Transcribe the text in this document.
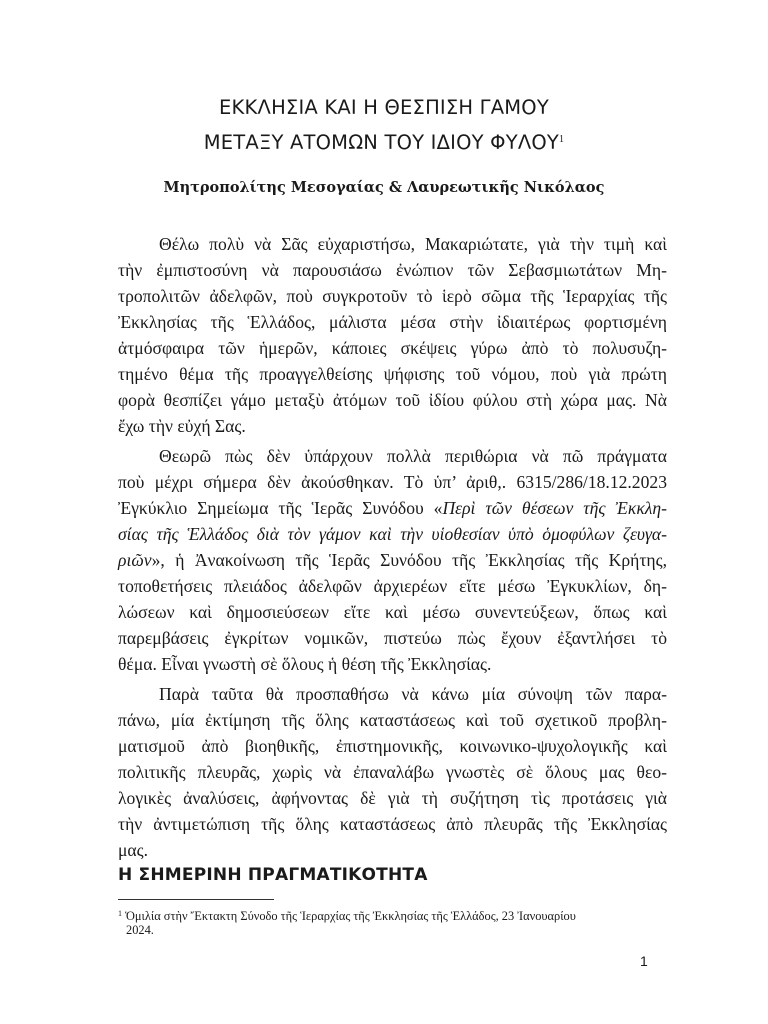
ΕΚΚΛΗΣΙΑ ΚΑΙ Η ΘΕΣΠΙΣΗ ΓΑΜΟΥ
ΜΕΤΑΞΥ ΑΤΟΜΩΝ ΤΟΥ ΙΔΙΟΥ ΦΥΛΟΥ$^1$
Μητροπολίτης Μεσογαίας & Λαυρεωτικῆς Νικόλαος
Θέλω πολὺ νὰ Σᾶς εὐχαριστήσω, Μακαριώτατε, γιὰ τὴν τιμὴ καὶ
τὴν ἐμπιστοσύνη νὰ παρουσιάσω ἐνώπιον τῶν Σεβασμιωτάτων Μη-
τροπολιτῶν ἀδελφῶν, ποὺ συγκροτοῦν τὸ ἱερὸ σῶμα τῆς Ἱεραρχίας τῆς
Ἐκκλησίας τῆς Ἑλλάδος, μάλιστα μέσα στὴν ἰδιαιτέρως φορτισμένη
ἀτμόσφαιρα τῶν ἡμερῶν, κάποιες σκέψεις γύρω ἀπὸ τὸ πολυσυζη-
τημένο θέμα τῆς προαγγελθείσης ψήφισης τοῦ νόμου, ποὺ γιὰ πρώτη
φορὰ θεσπίζει γάμο μεταξὺ ἀτόμων τοῦ ἰδίου φύλου στὴ χώρα μας. Νὰ
ἔχω τὴν εὐχή Σας.
Θεωρῶ πὼς δὲν ὑπάρχουν πολλὰ περιθώρια νὰ πῶ πράγματα
ποὺ μέχρι σήμερα δὲν ἀκούσθηκαν. Τὸ ὑπ’ ἀριθ,. 6315/286/18.12.2023
Ἐγκύκλιο Σημείωμα τῆς Ἱερᾶς Συνόδου «Περὶ τῶν θέσεων τῆς Ἐκκλη-
σίας τῆς Ἑλλάδος διὰ τὸν γάμον καὶ τὴν υἱοθεσίαν ὑπὸ ὁμοφύλων ζευγα-
ριῶν», ἡ Ἀνακοίνωση τῆς Ἱερᾶς Συνόδου τῆς Ἐκκλησίας τῆς Κρήτης,
τοποθετήσεις πλειάδος ἀδελφῶν ἀρχιερέων εἴτε μέσω Ἐγκυκλίων, δη-
λώσεων καὶ δημοσιεύσεων εἴτε καὶ μέσω συνεντεύξεων, ὅπως καὶ
παρεμβάσεις ἐγκρίτων νομικῶν, πιστεύω πὼς ἔχουν ἐξαντλήσει τὸ
θέμα. Εἶναι γνωστὴ σὲ ὅλους ἡ θέση τῆς Ἐκκλησίας.
Παρὰ ταῦτα θὰ προσπαθήσω νὰ κάνω μία σύνοψη τῶν παρα-
πάνω, μία ἐκτίμηση τῆς ὅλης καταστάσεως καὶ τοῦ σχετικοῦ προβλη-
ματισμοῦ ἀπὸ βιοηθικῆς, ἐπιστημονικῆς, κοινωνικο-ψυχολογικῆς καὶ
πολιτικῆς πλευρᾶς, χωρὶς νὰ ἐπαναλάβω γνωστὲς σὲ ὅλους μας θεο-
λογικὲς ἀναλύσεις, ἀφήνοντας δὲ γιὰ τὴ συζήτηση τὶς προτάσεις γιὰ
τὴν ἀντιμετώπιση τῆς ὅλης καταστάσεως ἀπὸ πλευρᾶς τῆς Ἐκκλησίας
μας.
Η ΣΗΜΕΡΙΝΗ ΠΡΑΓΜΑΤΙΚΟΤΗΤΑ
$^1$ Ὁμιλία στὴν Ἔκτακτη Σύνοδο τῆς Ἱεραρχίας τῆς Ἐκκλησίας τῆς Ἑλλάδος, 23 Ἰανουαρίου
2024.
1
